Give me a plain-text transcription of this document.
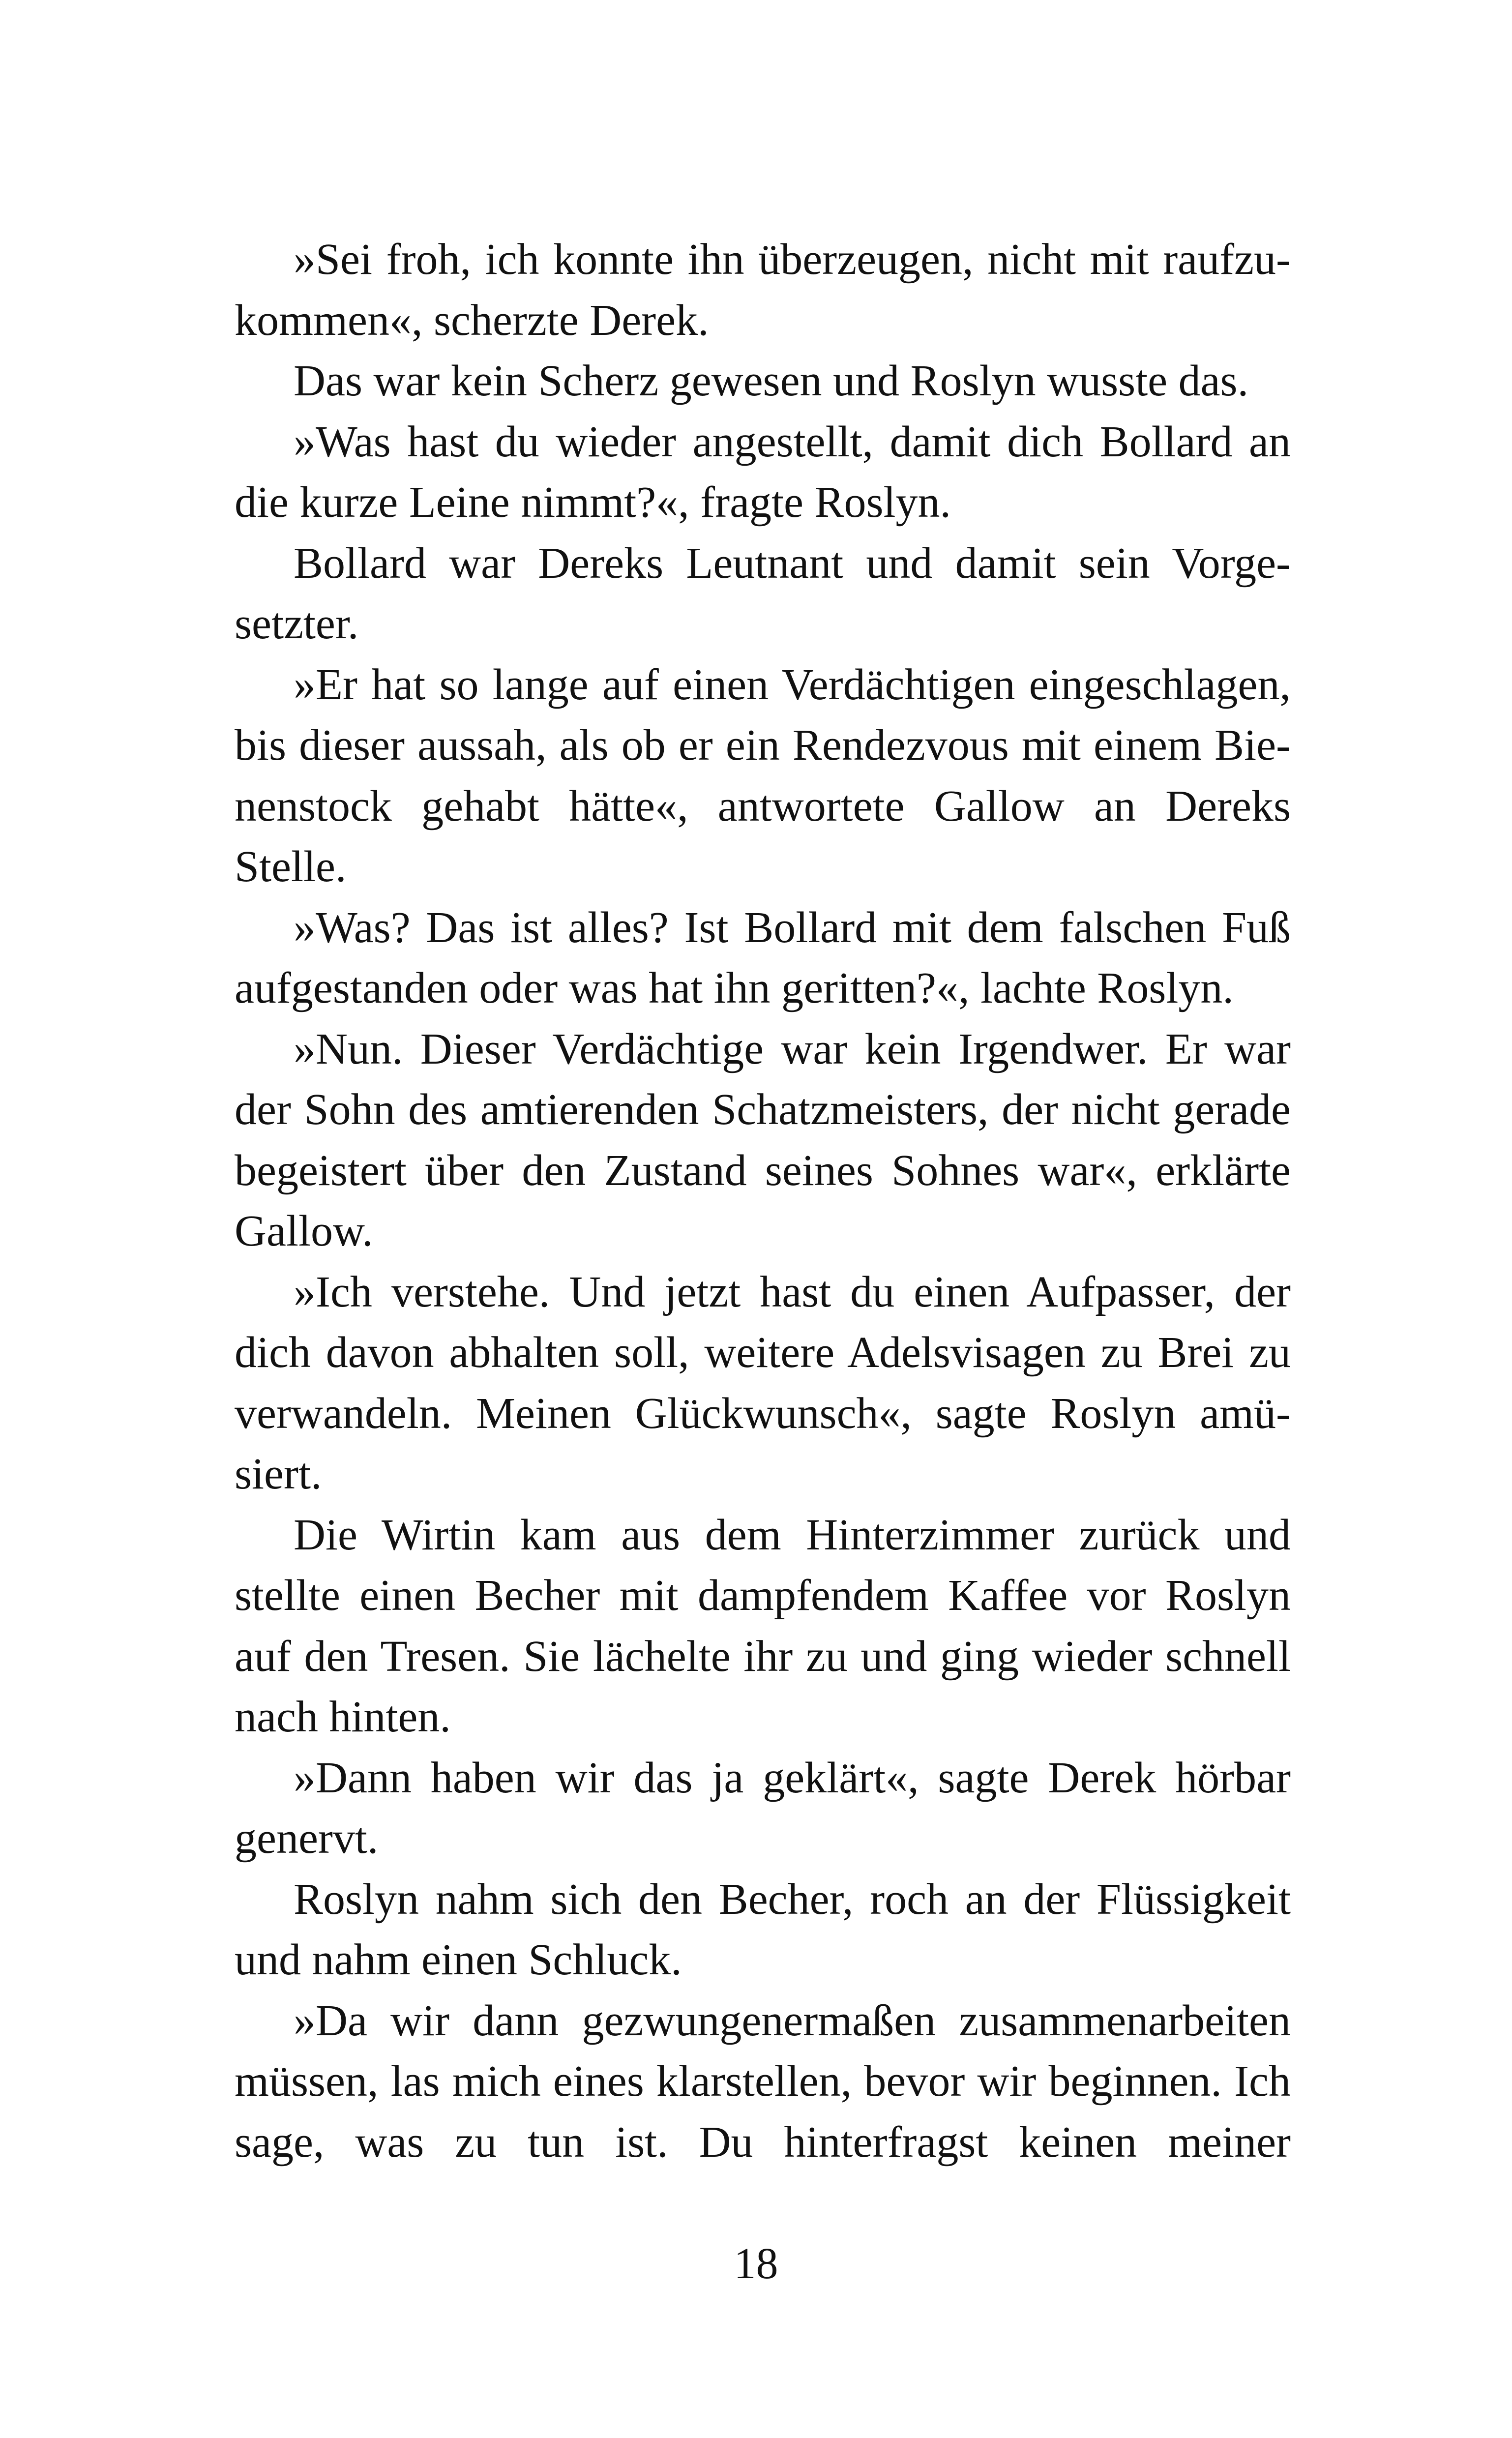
»Sei froh, ich konnte ihn überzeugen, nicht mit raufzu-
kommen«, scherzte Derek.
Das war kein Scherz gewesen und Roslyn wusste das.
»Was hast du wieder angestellt, damit dich Bollard an
die kurze Leine nimmt?«, fragte Roslyn.
Bollard war Dereks Leutnant und damit sein Vorge-
setzter.
»Er hat so lange auf einen Verdächtigen eingeschlagen,
bis dieser aussah, als ob er ein Rendezvous mit einem Bie-
nenstock gehabt hätte«, antwortete Gallow an Dereks
Stelle.
»Was? Das ist alles? Ist Bollard mit dem falschen Fuß
aufgestanden oder was hat ihn geritten?«, lachte Roslyn.
»Nun. Dieser Verdächtige war kein Irgendwer. Er war
der Sohn des amtierenden Schatzmeisters, der nicht gerade
begeistert über den Zustand seines Sohnes war«, erklärte
Gallow.
»Ich verstehe. Und jetzt hast du einen Aufpasser, der
dich davon abhalten soll, weitere Adelsvisagen zu Brei zu
verwandeln. Meinen Glückwunsch«, sagte Roslyn amü-
siert.
Die Wirtin kam aus dem Hinterzimmer zurück und
stellte einen Becher mit dampfendem Kaffee vor Roslyn
auf den Tresen. Sie lächelte ihr zu und ging wieder schnell
nach hinten.
»Dann haben wir das ja geklärt«, sagte Derek hörbar
genervt.
Roslyn nahm sich den Becher, roch an der Flüssigkeit
und nahm einen Schluck.
»Da wir dann gezwungenermaßen zusammenarbeiten
müssen, las mich eines klarstellen, bevor wir beginnen. Ich
sage, was zu tun ist. Du hinterfragst keinen meiner
18
